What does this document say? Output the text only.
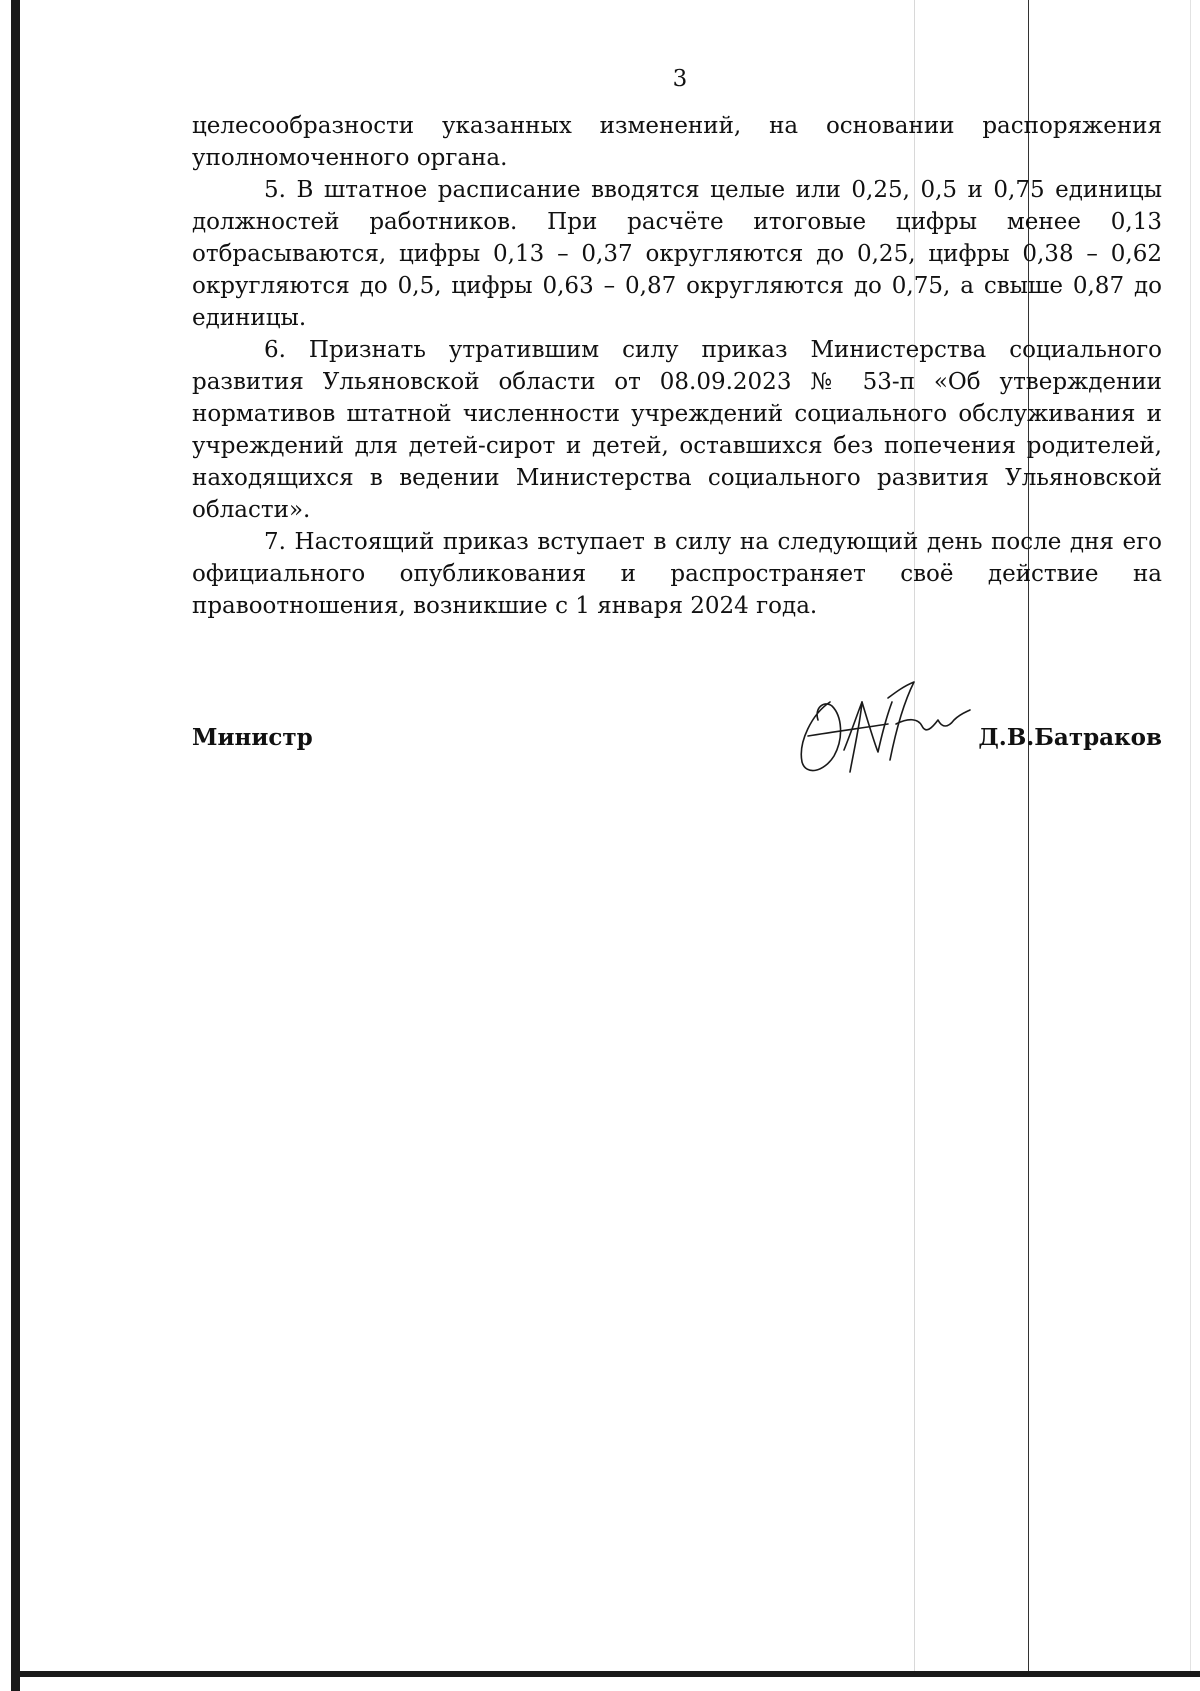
3

целесообразности указанных изменений, на основании распоряжения уполномоченного органа.

5. В штатное расписание вводятся целые или 0,25, 0,5 и 0,75 единицы должностей работников. При расчёте итоговые цифры менее 0,13 отбрасываются, цифры 0,13 – 0,37 округляются до 0,25, цифры 0,38 – 0,62 округляются до 0,5, цифры 0,63 – 0,87 округляются до 0,75, а свыше 0,87 до единицы.

6. Признать утратившим силу приказ Министерства социального развития Ульяновской области от 08.09.2023 № 53-п «Об утверждении нормативов штатной численности учреждений социального обслуживания и учреждений для детей-сирот и детей, оставшихся без попечения родителей, находящихся в ведении Министерства социального развития Ульяновской области».

7. Настоящий приказ вступает в силу на следующий день после дня его официального опубликования и распространяет своё действие на правоотношения, возникшие с 1 января 2024 года.

Министр	Д.В.Батраков
